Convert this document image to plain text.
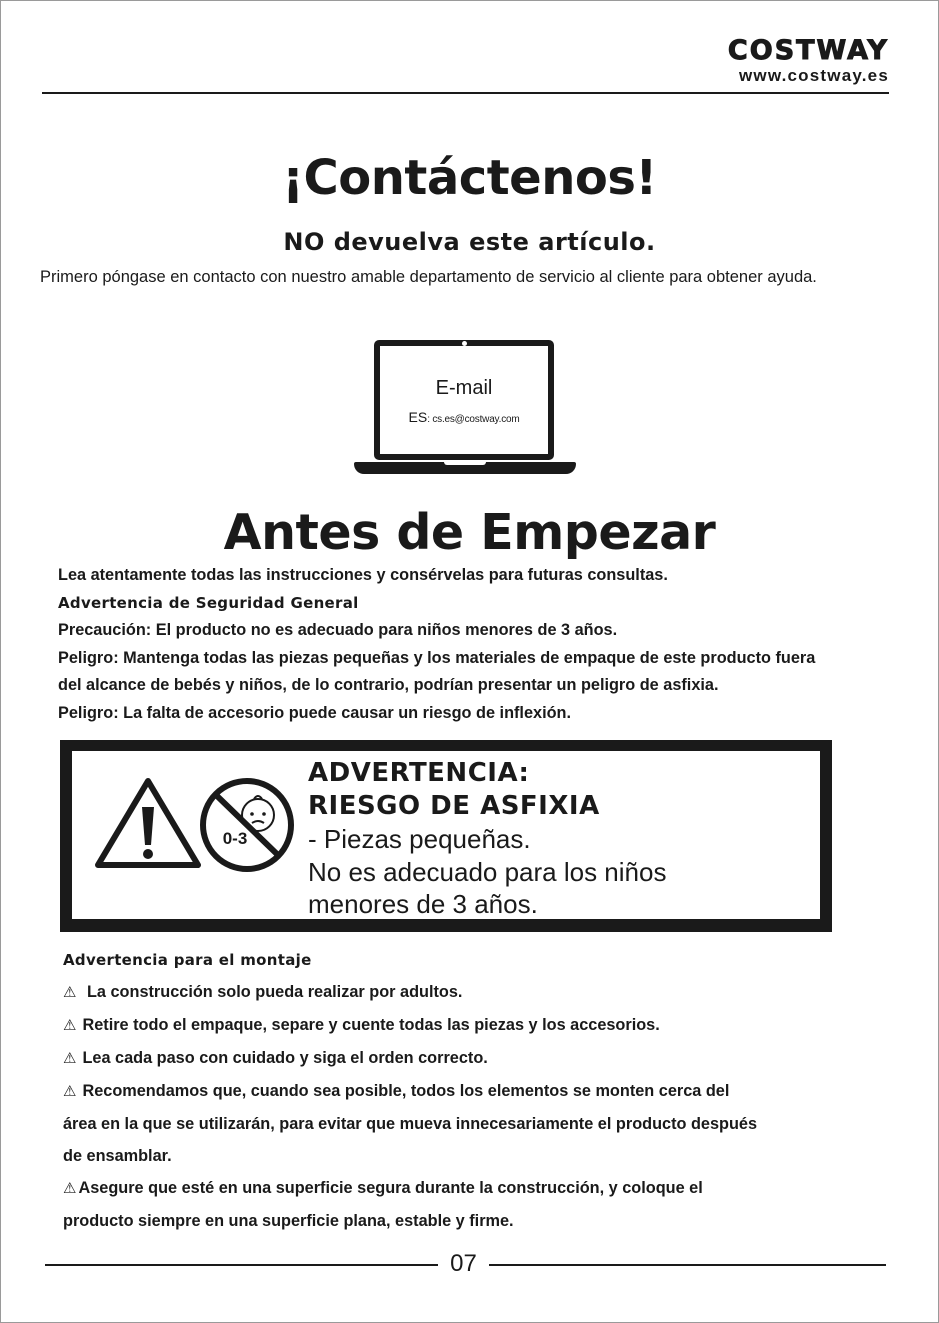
COSTWAY
www.costway.es
¡Contáctenos!
NO devuelva este artículo.
Primero póngase en contacto con nuestro amable departamento de servicio al cliente para obtener ayuda.
E-mail
ES: cs.es@costway.com
Antes de Empezar

Lea atentamente todas las instrucciones y consérvelas para futuras consultas.

Advertencia de Seguridad General

Precaución: El producto no es adecuado para niños menores de 3 años.

Peligro: Mantenga todas las piezas pequeñas y los materiales de empaque de este producto fuera

del alcance de bebés y niños, de lo contrario, podrían presentar un peligro de asfixia.

Peligro: La falta de accesorio puede causar un riesgo de inflexión.

0-3
ADVERTENCIA:
RIESGO DE ASFIXIA
- Piezas pequeñas.
No es adecuado para los niños
menores de 3 años.

Advertencia para el montaje

⚠ La construcción solo pueda realizar por adultos.

⚠ Retire todo el empaque, separe y cuente todas las piezas y los accesorios.

⚠ Lea cada paso con cuidado y siga el orden correcto.

⚠ Recomendamos que, cuando sea posible, todos los elementos se monten cerca del

área en la que se utilizarán, para evitar que mueva innecesariamente el producto después

de ensamblar.

⚠ Asegure que esté en una superficie segura durante la construcción, y coloque el

producto siempre en una superficie plana, estable y firme.

07
